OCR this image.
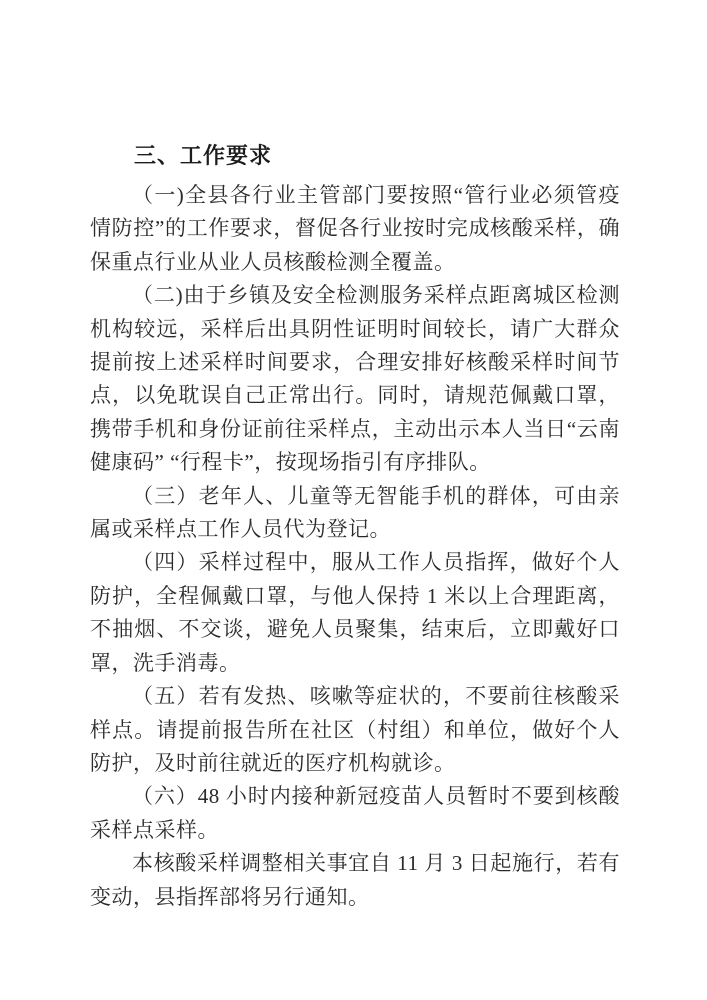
三、工作要求

（一)全县各行业主管部门要按照“管行业必须管疫情防控”的工作要求，督促各行业按时完成核酸采样，确保重点行业从业人员核酸检测全覆盖。

（二)由于乡镇及安全检测服务采样点距离城区检测机构较远，采样后出具阴性证明时间较长，请广大群众提前按上述采样时间要求，合理安排好核酸采样时间节点，以免耽误自己正常出行。同时，请规范佩戴口罩，携带手机和身份证前往采样点，主动出示本人当日“云南健康码” “行程卡”，按现场指引有序排队。

（三）老年人、儿童等无智能手机的群体，可由亲属或采样点工作人员代为登记。

（四）采样过程中，服从工作人员指挥，做好个人防护，全程佩戴口罩，与他人保持 1 米以上合理距离，不抽烟、不交谈，避免人员聚集，结束后，立即戴好口罩，洗手消毒。

（五）若有发热、咳嗽等症状的，不要前往核酸采样点。请提前报告所在社区（村组）和单位，做好个人防护，及时前往就近的医疗机构就诊。

（六）48 小时内接种新冠疫苗人员暂时不要到核酸采样点采样。

本核酸采样调整相关事宜自 11 月 3 日起施行，若有变动，县指挥部将另行通知。
